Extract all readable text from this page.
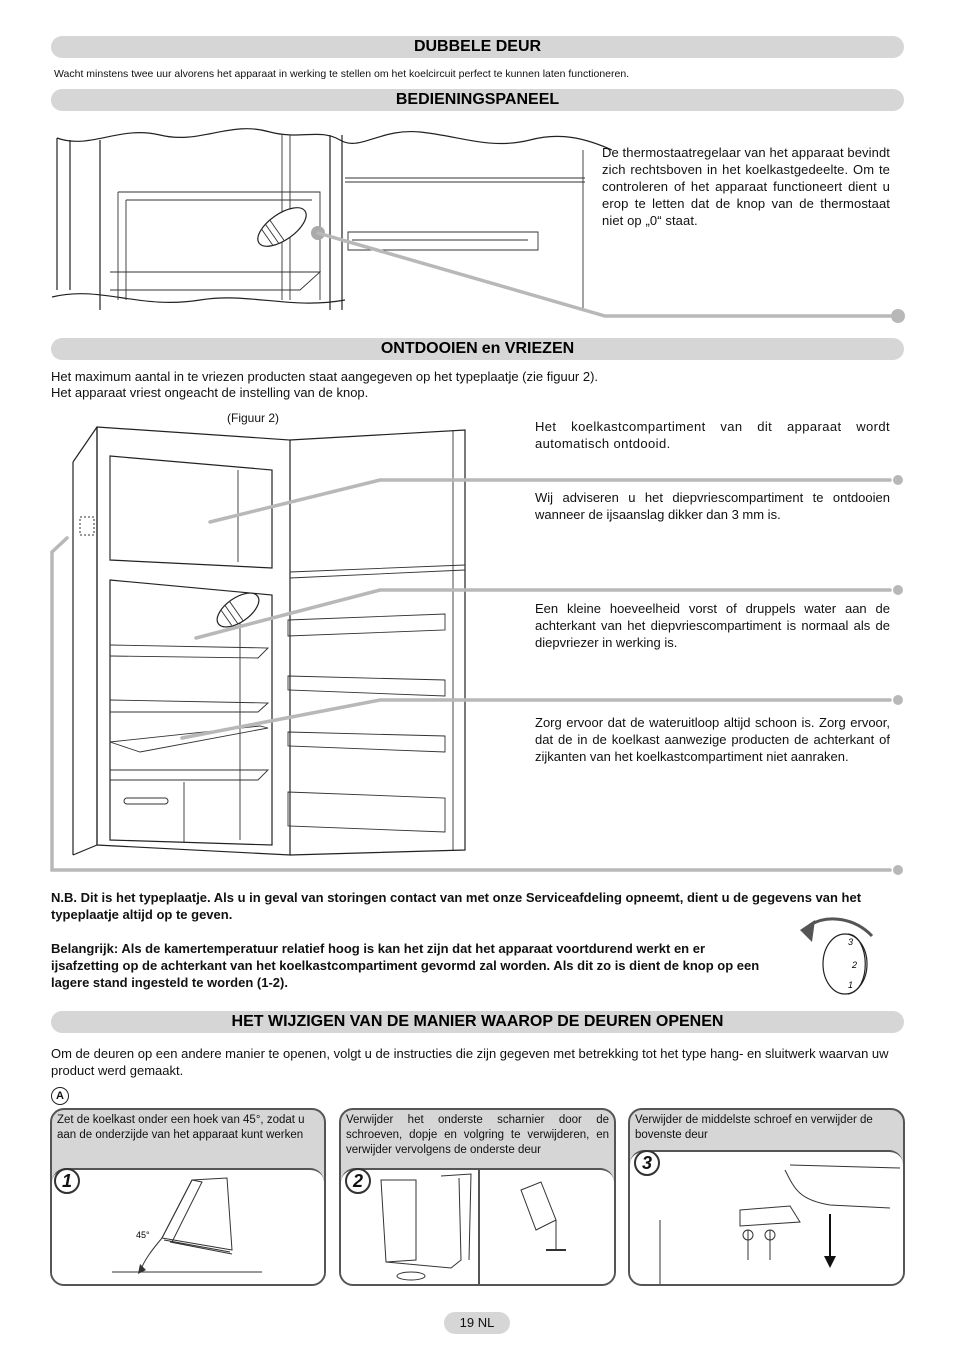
DUBBELE DEUR
Wacht minstens twee uur alvorens het apparaat in werking te stellen om het koelcircuit perfect te kunnen laten functioneren.
BEDIENINGSPANEEL
De thermostaatregelaar van het apparaat bevindt zich rechtsboven in het koelkastgedeelte. Om te controleren of het apparaat functioneert dient u erop te letten dat de knop van de thermostaat niet op „0“ staat.
ONTDOOIEN en VRIEZEN
Het maximum aantal in te vriezen producten staat aangegeven op het typeplaatje (zie figuur 2).
Het apparaat vriest ongeacht de instelling van de knop.
(Figuur 2)
Het koelkastcompartiment van dit apparaat wordt automatisch ontdooid.
Wij adviseren u het diepvriescompartiment te ontdooien wanneer de ijsaanslag dikker dan 3 mm is.
Een kleine hoeveelheid vorst of druppels water aan de achterkant van het diepvriescompartiment is normaal als de diepvriezer in werking is.
Zorg ervoor dat de wateruitloop altijd schoon is. Zorg ervoor, dat de in de koelkast aanwezige producten de achterkant of zijkanten van het koelkastcompartiment niet aanraken.
N.B. Dit is het typeplaatje. Als u in geval van storingen contact van met onze Serviceafdeling opneemt, dient u de gegevens van het typeplaatje altijd op te geven.
Belangrijk: Als de kamertemperatuur relatief hoog is kan het zijn dat het apparaat voortdurend werkt en er ijsafzetting op de achterkant van het koelkastcompartiment gevormd zal worden. Als dit zo is dient de knop op een lagere stand ingesteld te worden (1-2).
3
2
1
HET WIJZIGEN VAN DE MANIER WAAROP DE DEUREN OPENEN
Om de deuren op een andere manier te openen, volgt u de instructies die zijn gegeven met betrekking tot het type hang- en sluitwerk waarvan uw product werd gemaakt.
A
Zet de koelkast onder een hoek van 45°, zodat u aan de onderzijde van het apparaat kunt werken
45°
1
Verwijder het onderste scharnier door de schroeven, dopje en volgring te verwijderen, en verwijder vervolgens de onderste deur
2
Verwijder de middelste schroef en verwijder de bovenste deur
3
19 NL
